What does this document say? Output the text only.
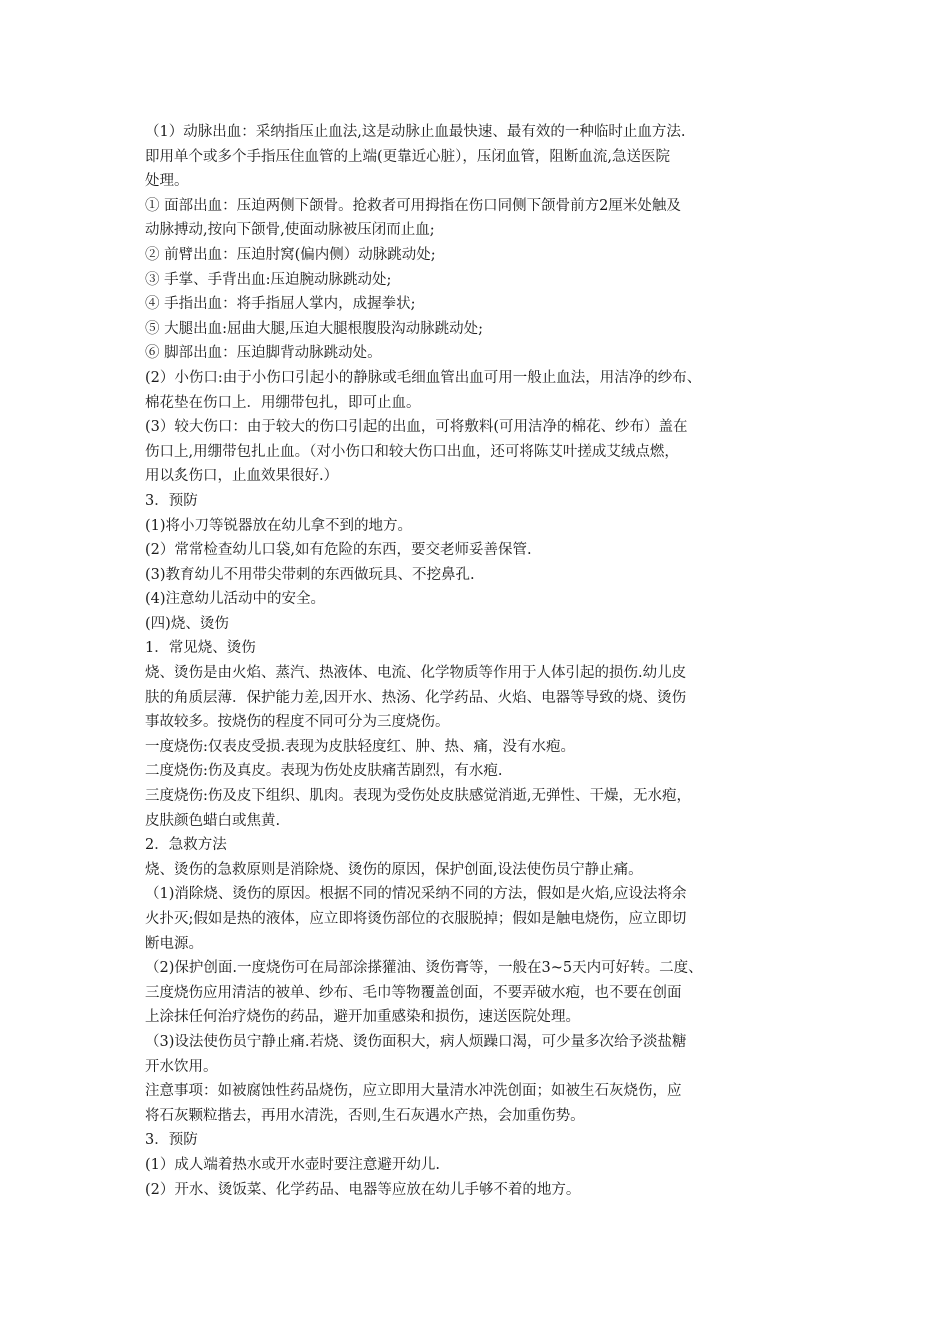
（1）动脉出血：采纳指压止血法,这是动脉止血最快速、最有效的一种临时止血方法.
即用单个或多个手指压住血管的上端(更靠近心脏），压闭血管，阻断血流,急送医院
处理。
① 面部出血：压迫两侧下颌骨。抢救者可用拇指在伤口同侧下颌骨前方2厘米处触及
动脉搏动,按向下颌骨,使面动脉被压闭而止血;
② 前臂出血：压迫肘窝(偏内侧）动脉跳动处;
③ 手掌、手背出血:压迫腕动脉跳动处;
④ 手指出血：将手指屈人掌内，成握拳状;
⑤ 大腿出血:屈曲大腿,压迫大腿根腹股沟动脉跳动处;
⑥ 脚部出血：压迫脚背动脉跳动处。
(2）小伤口:由于小伤口引起小的静脉或毛细血管出血可用一般止血法，用洁净的纱布、
棉花垫在伤口上．用绷带包扎，即可止血。
(3）较大伤口：由于较大的伤口引起的出血，可将敷料(可用洁净的棉花、纱布）盖在
伤口上,用绷带包扎止血。（对小伤口和较大伤口出血，还可将陈艾叶搓成艾绒点燃，
用以炙伤口，止血效果很好.）
3．预防
(1)将小刀等锐器放在幼儿拿不到的地方。
(2）常常检查幼儿口袋,如有危险的东西，要交老师妥善保管.
(3)教育幼儿不用带尖带刺的东西做玩具、不挖鼻孔.
(4)注意幼儿活动中的安全。
(四)烧、烫伤
1．常见烧、烫伤
烧、烫伤是由火焰、蒸汽、热液体、电流、化学物质等作用于人体引起的损伤.幼儿皮
肤的角质层薄．保护能力差,因开水、热汤、化学药品、火焰、电器等导致的烧、烫伤
事故较多。按烧伤的程度不同可分为三度烧伤。
一度烧伤:仅表皮受损.表现为皮肤轻度红、肿、热、痛，没有水疱。
二度烧伤:伤及真皮。表现为伤处皮肤痛苦剧烈，有水疱.
三度烧伤:伤及皮下组织、肌肉。表现为受伤处皮肤感觉消逝,无弹性、干燥，无水疱，
皮肤颜色蜡白或焦黄.
2．急救方法
烧、烫伤的急救原则是消除烧、烫伤的原因，保护创面,设法使伤员宁静止痛。
（1)消除烧、烫伤的原因。根据不同的情况采纳不同的方法，假如是火焰,应设法将余
火扑灭;假如是热的液体，应立即将烫伤部位的衣服脱掉；假如是触电烧伤，应立即切
断电源。
（2)保护创面.一度烧伤可在局部涂搽獾油、烫伤膏等，一般在3~5天内可好转。二度、
三度烧伤应用清洁的被单、纱布、毛巾等物覆盖创面，不要弄破水疱，也不要在创面
上涂抹任何治疗烧伤的药品，避开加重感染和损伤，速送医院处理。
（3)设法使伤员宁静止痛.若烧、烫伤面积大，病人烦躁口渴，可少量多次给予淡盐糖
开水饮用。
注意事项：如被腐蚀性药品烧伤，应立即用大量清水冲洗创面；如被生石灰烧伤，应
将石灰颗粒揩去，再用水清洗，否则,生石灰遇水产热，会加重伤势。
3．预防
(1）成人端着热水或开水壶时要注意避开幼儿.
(2）开水、烫饭菜、化学药品、电器等应放在幼儿手够不着的地方。
